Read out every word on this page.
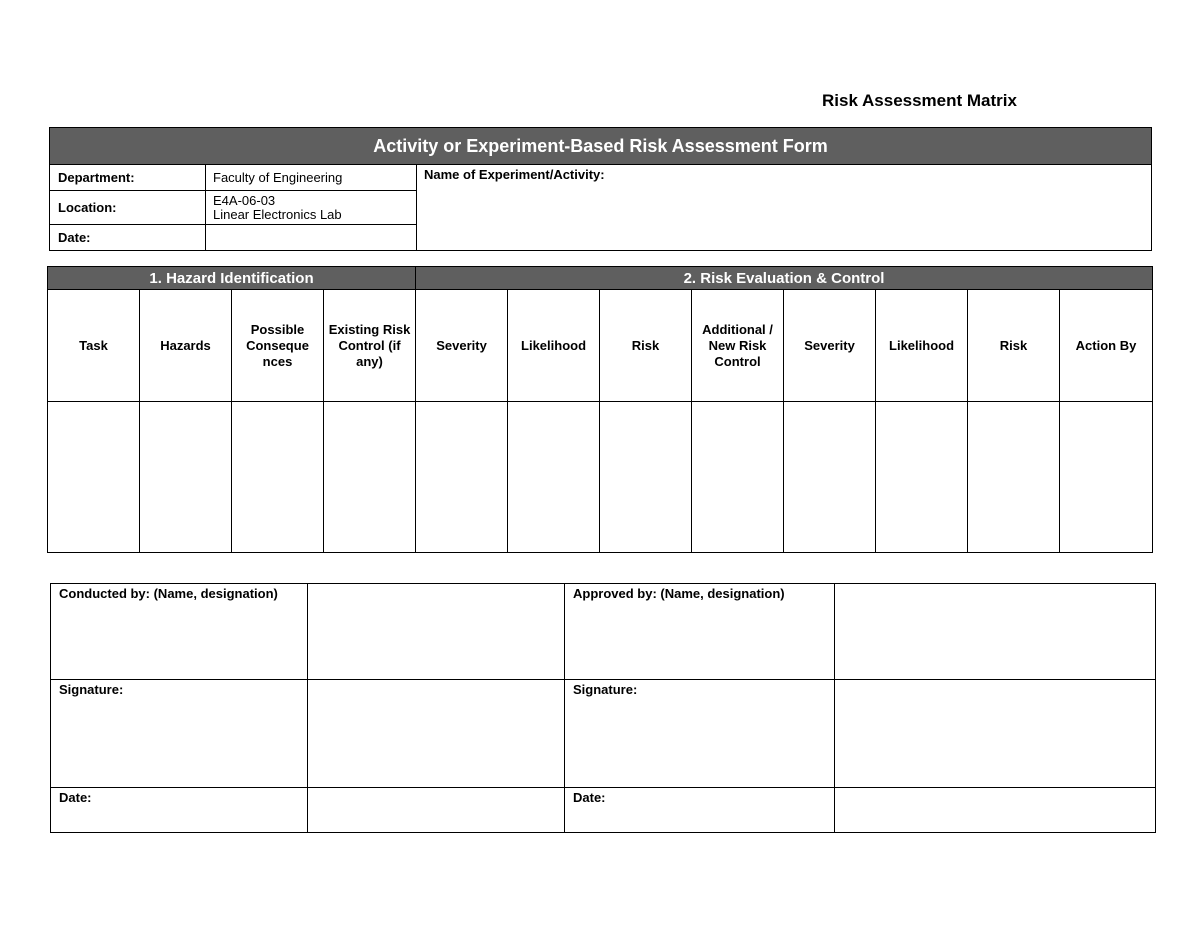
Risk Assessment Matrix
Activity or Experiment-Based Risk Assessment Form		
Department:	Faculty of Engineering	Name of Experiment/Activity:
Location:	E4A-06-03
Linear Electronics Lab	

Date:		
1. Hazard Identification				2. Risk Evaluation & Control							
Task	Hazards	Possible Conseque nces	Existing Risk Control (if any)	Severity	Likelihood	Risk	Additional / New Risk Control	Severity	Likelihood	Risk	Action By

Conducted by: (Name, designation)		Approved by: (Name, designation)	
Signature:		Signature:	
Date:		Date:	
